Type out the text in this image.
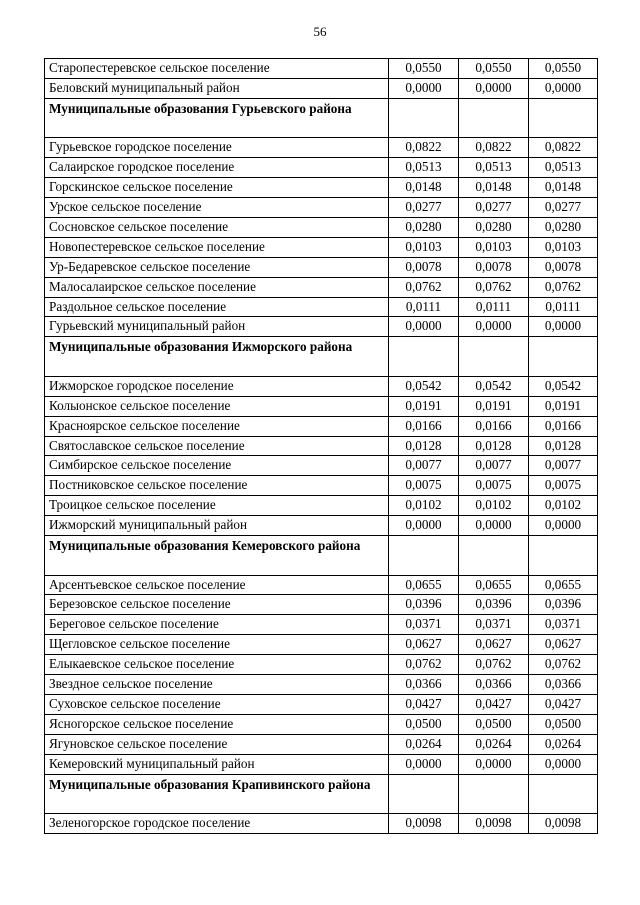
56
Старопестеревское сельское поселение	0,0550	0,0550	0,0550
Беловский муниципальный район	0,0000	0,0000	0,0000
Муниципальные образования Гурьевского района			
Гурьевское городское поселение	0,0822	0,0822	0,0822
Салаирское городское поселение	0,0513	0,0513	0,0513
Горскинское сельское поселение	0,0148	0,0148	0,0148
Урское сельское поселение	0,0277	0,0277	0,0277
Сосновское сельское поселение	0,0280	0,0280	0,0280
Новопестеревское сельское поселение	0,0103	0,0103	0,0103
Ур-Бедаревское сельское поселение	0,0078	0,0078	0,0078
Малосалаирское сельское поселение	0,0762	0,0762	0,0762
Раздольное сельское поселение	0,0111	0,0111	0,0111
Гурьевский муниципальный район	0,0000	0,0000	0,0000
Муниципальные образования Ижморского района			
Ижморское городское поселение	0,0542	0,0542	0,0542
Колыонское сельское поселение	0,0191	0,0191	0,0191
Красноярское сельское поселение	0,0166	0,0166	0,0166
Святославское сельское поселение	0,0128	0,0128	0,0128
Симбирское сельское поселение	0,0077	0,0077	0,0077
Постниковское сельское поселение	0,0075	0,0075	0,0075
Троицкое сельское поселение	0,0102	0,0102	0,0102
Ижморский муниципальный район	0,0000	0,0000	0,0000
Муниципальные образования Кемеровского района			
Арсентьевское сельское поселение	0,0655	0,0655	0,0655
Березовское сельское поселение	0,0396	0,0396	0,0396
Береговое сельское поселение	0,0371	0,0371	0,0371
Щегловское сельское поселение	0,0627	0,0627	0,0627
Елыкаевское сельское поселение	0,0762	0,0762	0,0762
Звездное сельское поселение	0,0366	0,0366	0,0366
Суховское сельское поселение	0,0427	0,0427	0,0427
Ясногорское сельское поселение	0,0500	0,0500	0,0500
Ягуновское сельское поселение	0,0264	0,0264	0,0264
Кемеровский муниципальный район	0,0000	0,0000	0,0000
Муниципальные образования Крапивинского района			
Зеленогорское городское поселение	0,0098	0,0098	0,0098
